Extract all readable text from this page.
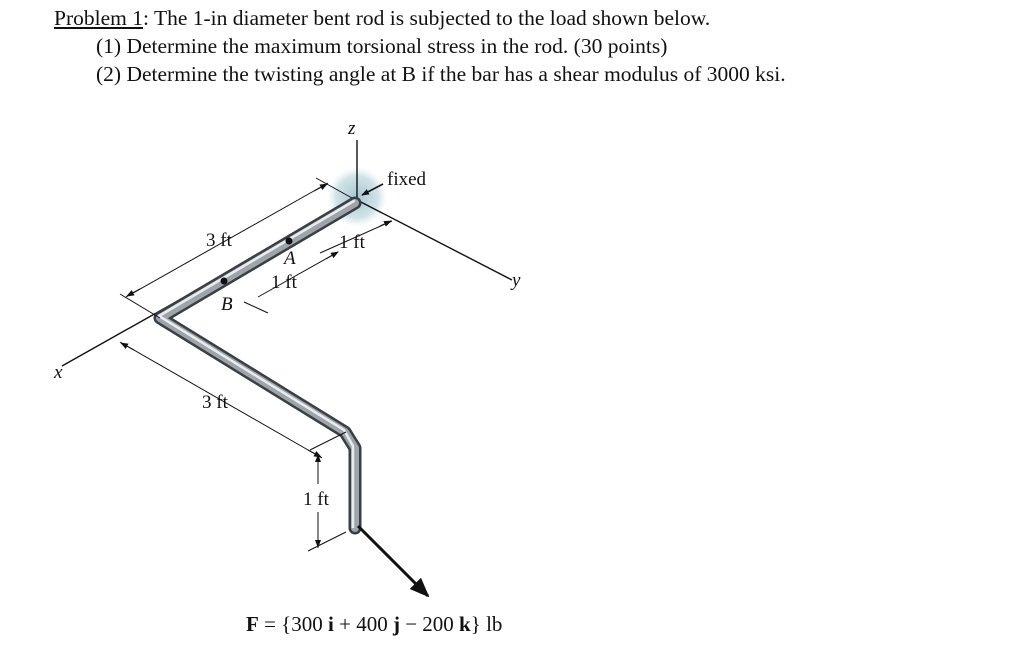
Problem 1: The 1-in diameter bent rod is subjected to the load shown below.
(1) Determine the maximum torsional stress in the rod. (30 points)
(2) Determine the twisting angle at B if the bar has a shear modulus of 3000 ksi.
fixed
z
y
x
3 ft	1 ft
A
1 ft
B
3 ft
1 ft
F = {300 i + 400 j − 200 k} lb
